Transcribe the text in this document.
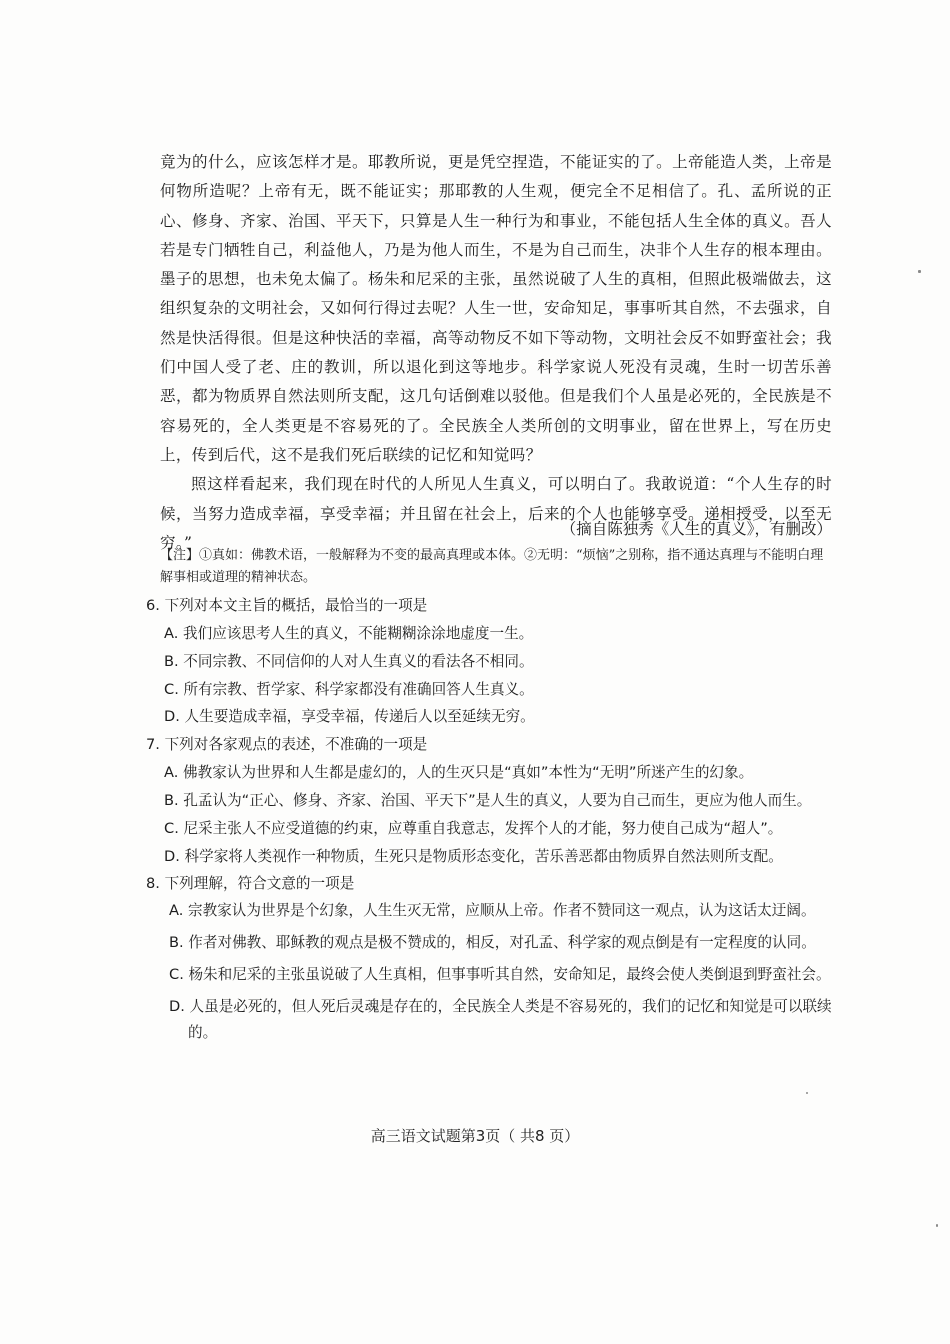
竟为的什么，应该怎样才是。耶教所说，更是凭空捏造，不能证实的了。上帝能造人类，上帝是何物所造呢？上帝有无，既不能证实；那耶教的人生观，便完全不足相信了。孔、孟所说的正心、修身、齐家、治国、平天下，只算是人生一种行为和事业，不能包括人生全体的真义。吾人若是专门牺牲自己，利益他人，乃是为他人而生，不是为自己而生，决非个人生存的根本理由。墨子的思想，也未免太偏了。杨朱和尼采的主张，虽然说破了人生的真相，但照此极端做去，这组织复杂的文明社会，又如何行得过去呢？人生一世，安命知足，事事听其自然，不去强求，自然是快活得很。但是这种快活的幸福，高等动物反不如下等动物，文明社会反不如野蛮社会；我们中国人受了老、庄的教训，所以退化到这等地步。科学家说人死没有灵魂，生时一切苦乐善恶，都为物质界自然法则所支配，这几句话倒难以驳他。但是我们个人虽是必死的，全民族是不容易死的，全人类更是不容易死的了。全民族全人类所创的文明事业，留在世界上，写在历史上，传到后代，这不是我们死后联续的记忆和知觉吗？

照这样看起来，我们现在时代的人所见人生真义，可以明白了。我敢说道：“个人生存的时候，当努力造成幸福，享受幸福；并且留在社会上，后来的个人也能够享受。递相授受，以至无穷。”

（摘自陈独秀《人生的真义》，有删改）
【注】①真如：佛教术语，一般解释为不变的最高真理或本体。②无明：“烦恼”之别称，指不通达真理与不能明白理解事相或道理的精神状态。
6. 下列对本文主旨的概括，最恰当的一项是
A. 我们应该思考人生的真义，不能糊糊涂涂地虚度一生。
B. 不同宗教、不同信仰的人对人生真义的看法各不相同。
C. 所有宗教、哲学家、科学家都没有准确回答人生真义。
D. 人生要造成幸福，享受幸福，传递后人以至延续无穷。
7. 下列对各家观点的表述，不准确的一项是
A. 佛教家认为世界和人生都是虚幻的，人的生灭只是“真如”本性为“无明”所迷产生的幻象。
B. 孔孟认为“正心、修身、齐家、治国、平天下”是人生的真义，人要为自己而生，更应为他人而生。
C. 尼采主张人不应受道德的约束，应尊重自我意志，发挥个人的才能，努力使自己成为“超人”。
D. 科学家将人类视作一种物质，生死只是物质形态变化，苦乐善恶都由物质界自然法则所支配。
8. 下列理解，符合文意的一项是
A. 宗教家认为世界是个幻象，人生生灭无常，应顺从上帝。作者不赞同这一观点，认为这话太迂阔。
B. 作者对佛教、耶稣教的观点是极不赞成的，相反，对孔孟、科学家的观点倒是有一定程度的认同。
C. 杨朱和尼采的主张虽说破了人生真相，但事事听其自然，安命知足，最终会使人类倒退到野蛮社会。
D. 人虽是必死的，但人死后灵魂是存在的，全民族全人类是不容易死的，我们的记忆和知觉是可以联续的。
高三语文试题第3页（ 共8 页）
